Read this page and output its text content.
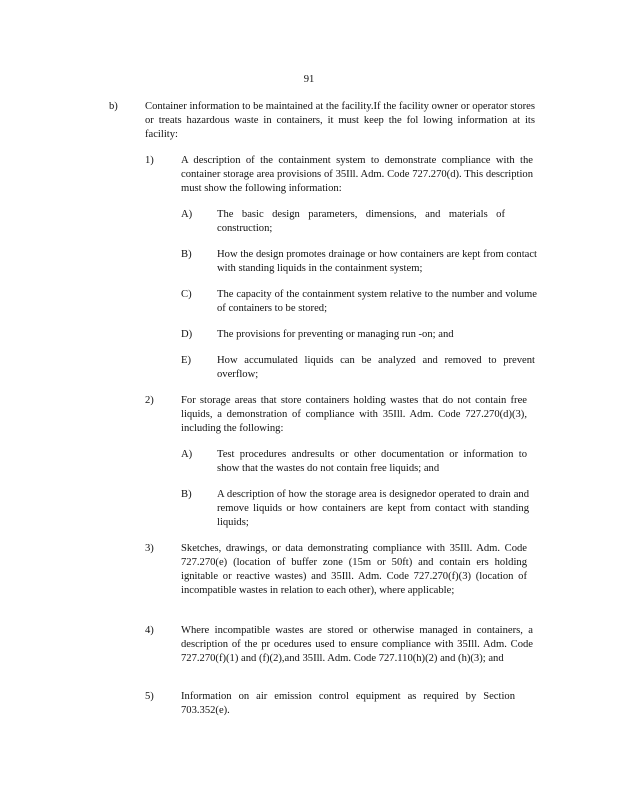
91
b)	Container information to be maintained at the facility.If the facility owner or operator stores or treats hazardous waste in containers, it must keep the fol lowing information at its facility:
1)	A description of the containment system to demonstrate compliance with the container storage area provisions of 35Ill. Adm. Code 727.270(d). This description must show the following information:
A) The basic design parameters, dimensions, and materials of construction;
B) How the design promotes drainage or how containers are kept from contact with standing liquids in the containment system;
C) The capacity of the containment system relative to the number and volume of containers to be stored;
D) The provisions for preventing or managing run -on; and
E) How accumulated liquids can be analyzed and removed to prevent overflow;
2)	For storage areas that store containers holding wastes that do not contain free liquids, a demonstration of compliance with 35Ill. Adm. Code 727.270(d)(3), including the following:
A) Test procedures andresults or other documentation or information to show that the wastes do not contain free liquids; and
B) A description of how the storage area is designedor operated to drain and remove liquids or how containers are kept from contact with standing liquids;
3)	Sketches, drawings, or data demonstrating compliance with 35Ill. Adm. Code 727.270(e) (location of buffer zone (15m or 50ft) and contain ers holding ignitable or reactive wastes) and 35Ill. Adm. Code 727.270(f)(3) (location of incompatible wastes in relation to each other), where applicable;
4)	Where incompatible wastes are stored or otherwise managed in containers, a description of the pr ocedures used to ensure compliance with 35Ill. Adm. Code 727.270(f)(1) and (f)(2),and 35Ill. Adm. Code 727.110(h)(2) and (h)(3); and
5)	Information on air emission control equipment as required by Section 703.352(e).
